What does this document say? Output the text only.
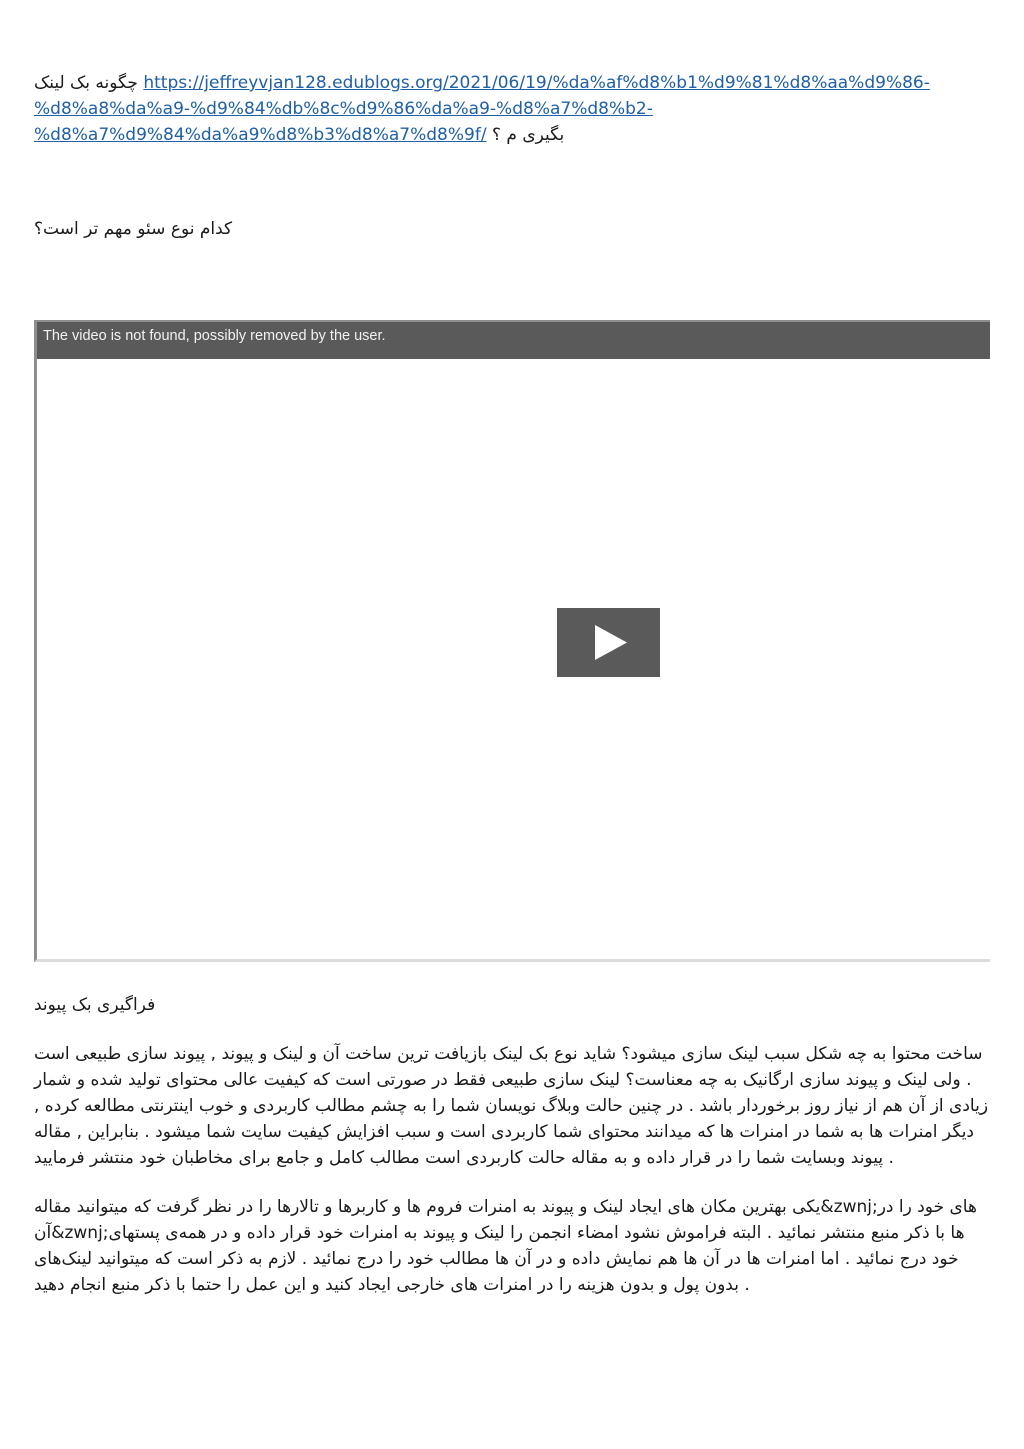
چگونه بک لینک https://jeffreyvjan128.edublogs.org/2021/06/19/%da%af%d8%b1%d9%81%d8%aa%d9%86-%d8%a8%da%a9-%d9%84%db%8c%d9%86%da%a9-%d8%a7%d8%b2-%d8%a7%d9%84%da%a9%d8%b3%d8%a7%d8%9f/ بگیری م ؟

کدام نوع سئو مهم تر است؟

The video is not found, possibly removed by the user.

فراگیری بک پیوند

ساخت محتوا به چه شکل سبب لینک سازی میشود؟ شاید نوع بک لینک بازیافت ترین ساخت آن و لینک و پیوند , پیوند سازی طبیعی است . ولی لینک و پیوند سازی ارگانیک به چه معناست؟ لینک سازی طبیعی فقط در صورتی است که کیفیت عالی محتوای تولید شده و شمار زیادی از آن هم از نیاز روز برخوردار باشد . در چنین حالت وبلاگ نویسان شما را به چشم مطالب کاربردی و خوب اینترنتی مطالعه کرده , دیگر امنرات ها به شما در امنرات ها که میدانند محتوای شما کاربردی است و سبب افزایش کیفیت سایت شما میشود . بنابراین , مقاله پیوند وبسایت شما را در قرار داده و به مقاله حالت کاربردی است مطالب کامل و جامع برای مخاطبان خود منتشر فرمایید .

یکی بهترین مکان های ایجاد لینک و پیوند به امنرات فروم ها و کاربرها و تالارها را در نظر گرفت که میتوانید مقاله&zwnj;های خود را در آن&zwnj;ها با ذکر منبع منتشر نمائید . البته فراموش نشود امضاء انجمن را لینک و پیوند به امنرات خود قرار داده و در همه‌ی پستهای خود درج نمائید . اما امنرات ها در آن ها هم نمایش داده و در آن ها مطالب خود را درج نمائید . لازم به ذکر است که میتوانید لینک‌های بدون پول و بدون هزینه را در امنرات های خارجی ایجاد کنید و این عمل را حتما با ذکر منبع انجام دهید .
